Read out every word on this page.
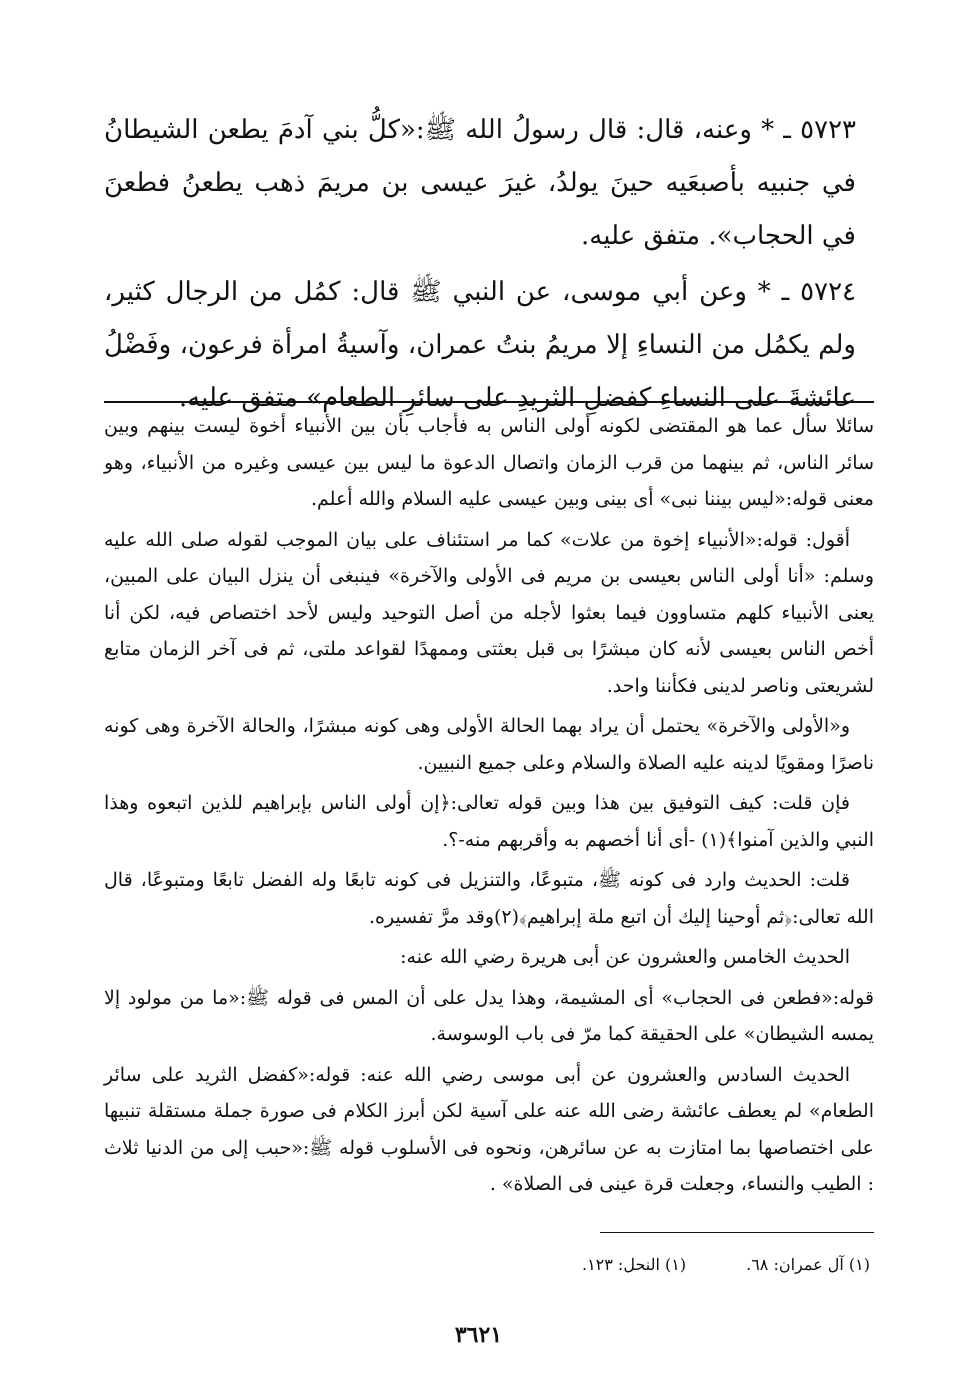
٥٧٢٣ ـ * وعنه، قال: قال رسولُ الله ﷺ:«كلُّ بني آدمَ يطعن الشيطانُ في جنبيه بأصبعَيه حينَ يولدُ، غيرَ عيسى بن مريمَ ذهب يطعنُ فطعنَ في الحجاب». متفق عليه.

٥٧٢٤ ـ * وعن أبي موسى، عن النبي ﷺ قال: كمُل من الرجال كثير، ولم يكمُل من النساءِ إلا مريمُ بنتُ عمران، وآسيةُ امرأة فرعون، وفَضْلُ عائشةَ على النساءِ كفضلِ الثريدِ على سائرِ الطعام» متفق عليه.

سائلا سأل عما هو المقتضى لكونه أولى الناس به فأجاب بأن بين الأنبياء أخوة ليست بينهم وبين سائر الناس، ثم بينهما من قرب الزمان واتصال الدعوة ما ليس بين عيسى وغيره من الأنبياء، وهو معنى قوله:«ليس بيننا نبى» أى بينى وبين عيسى عليه السلام والله أعلم.

أقول: قوله:«الأنبياء إخوة من علات» كما مر استئناف على بيان الموجب لقوله صلى الله عليه وسلم: «أنا أولى الناس بعيسى بن مريم فى الأولى والآخرة» فينبغى أن ينزل البيان على المبين، يعنى الأنبياء كلهم متساوون فيما بعثوا لأجله من أصل التوحيد وليس لأحد اختصاص فيه، لكن أنا أخص الناس بعيسى لأنه كان مبشرًا بى قبل بعثتى وممهدًا لقواعد ملتى، ثم فى آخر الزمان متابع لشريعتى وناصر لدينى فكأننا واحد.

و«الأولى والآخرة» يحتمل أن يراد بهما الحالة الأولى وهى كونه مبشرًا، والحالة الآخرة وهى كونه ناصرًا ومقويًا لدينه عليه الصلاة والسلام وعلى جميع النبيين.

فإن قلت: كيف التوفيق بين هذا وبين قوله تعالى:﴿إن أولى الناس بإبراهيم للذين اتبعوه وهذا النبي والذين آمنوا﴾(١) -أى أنا أخصهم به وأقربهم منه-؟.

قلت: الحديث وارد فى كونه ﷺ، متبوعًا، والتنزيل فى كونه تابعًا وله الفضل تابعًا ومتبوعًا، قال الله تعالى:﴿ثم أوحينا إليك أن اتبع ملة إبراهيم﴾(٢)وقد مرَّ تفسيره.

الحديث الخامس والعشرون عن أبى هريرة رضي الله عنه:

قوله:«فطعن فى الحجاب» أى المشيمة، وهذا يدل على أن المس فى قوله ﷺ:«ما من مولود إلا يمسه الشيطان» على الحقيقة كما مرّ فى باب الوسوسة.

الحديث السادس والعشرون عن أبى موسى رضي الله عنه: قوله:«كفضل الثريد على سائر الطعام» لم يعطف عائشة رضى الله عنه على آسية لكن أبرز الكلام فى صورة جملة مستقلة تنبيها على اختصاصها بما امتازت به عن سائرهن، ونحوه فى الأسلوب قوله ﷺ:«حبب إلى من الدنيا ثلاث : الطيب والنساء، وجعلت قرة عينى فى الصلاة» .

(١) آل عمران: ٦٨.
(١) النحل: ١٢٣.
٣٦٢١
